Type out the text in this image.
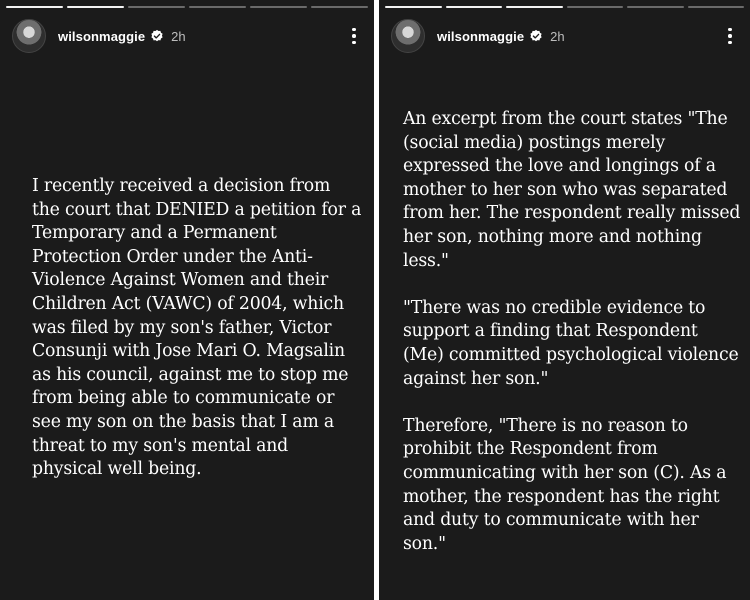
wilsonmaggie 2h

I recently received a decision from the court that DENIED a petition for a Temporary and a Permanent Protection Order under the Anti-Violence Against Women and their Children Act (VAWC) of 2004, which was filed by my son's father, Victor Consunji with Jose Mari O. Magsalin as his council, against me to stop me from being able to communicate or see my son on the basis that I am a threat to my son's mental and physical well being.

wilsonmaggie 2h

An excerpt from the court states "The (social media) postings merely expressed the love and longings of a mother to her son who was separated from her. The respondent really missed her son, nothing more and nothing less."

"There was no credible evidence to support a finding that Respondent (Me) committed psychological violence against her son."

Therefore, "There is no reason to prohibit the Respondent from communicating with her son (C). As a mother, the respondent has the right and duty to communicate with her son."
